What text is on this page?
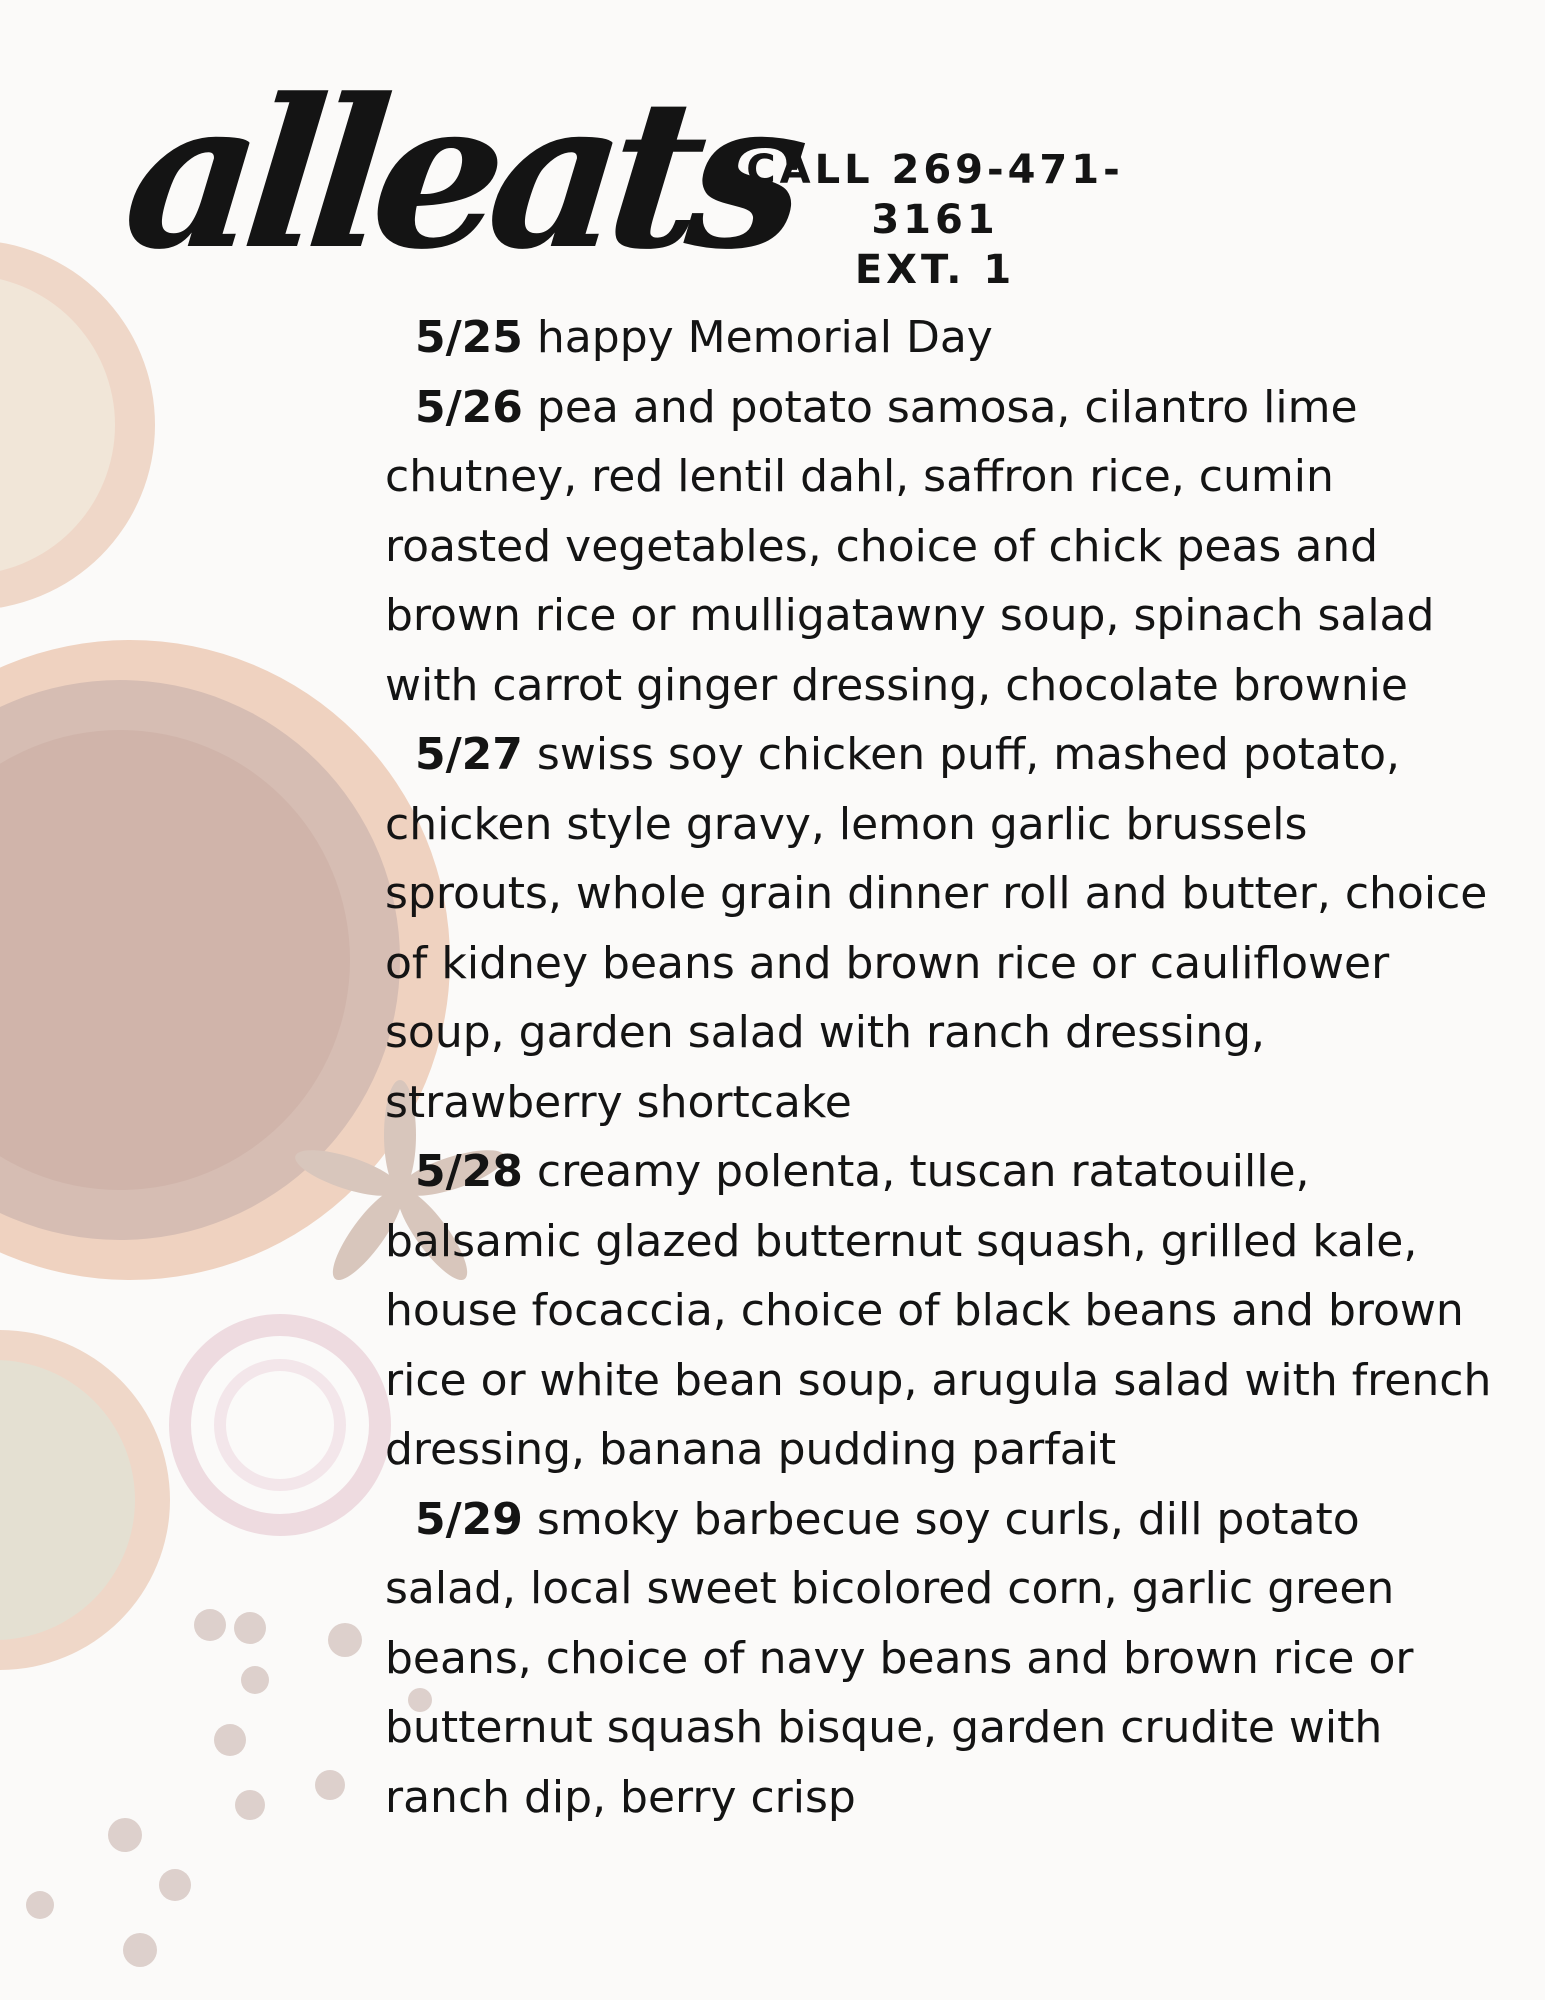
alleats
CALL 269-471-3161
EXT. 1

5/25 happy Memorial Day

5/26 pea and potato samosa, cilantro lime chutney, red lentil dahl, saffron rice, cumin roasted vegetables, choice of chick peas and brown rice or mulligatawny soup, spinach salad with carrot ginger dressing, chocolate brownie

5/27 swiss soy chicken puff, mashed potato, chicken style gravy, lemon garlic brussels sprouts, whole grain dinner roll and butter, choice of kidney beans and brown rice or cauliflower soup, garden salad with ranch dressing, strawberry shortcake

5/28 creamy polenta, tuscan ratatouille, balsamic glazed butternut squash, grilled kale, house focaccia, choice of black beans and brown rice or white bean soup, arugula salad with french dressing, banana pudding parfait

5/29 smoky barbecue soy curls, dill potato salad, local sweet bicolored corn, garlic green beans, choice of navy beans and brown rice or butternut squash bisque, garden crudite with ranch dip, berry crisp
